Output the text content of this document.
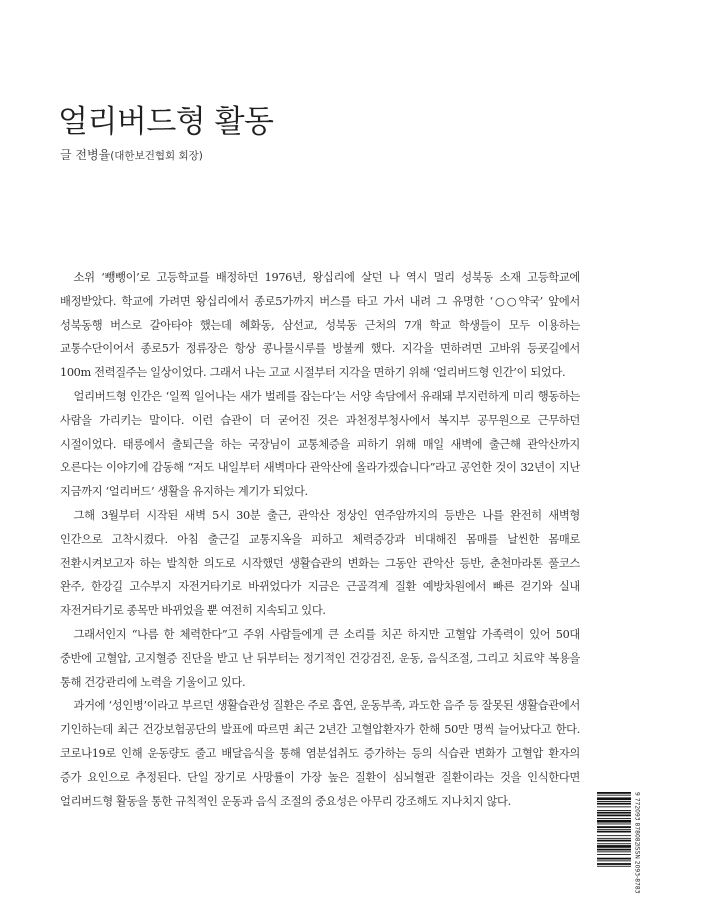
얼리버드형 활동
글 전병율(대한보건협회 회장)

소위 ‘뺑뺑이’로 고등학교를 배정하던 1976년, 왕십리에 살던 나 역시 멀리 성북동 소재 고등학교에 배정받았다. 학교에 가려면 왕십리에서 종로5가까지 버스를 타고 가서 내려 그 유명한 ‘○○약국’ 앞에서 성북동행 버스로 갈아타야 했는데 혜화동, 삼선교, 성북동 근처의 7개 학교 학생들이 모두 이용하는 교통수단이어서 종로5가 정류장은 항상 콩나물시루를 방불케 했다. 지각을 면하려면 고바위 등굣길에서 100m 전력질주는 일상이었다. 그래서 나는 고교 시절부터 지각을 면하기 위해 ‘얼리버드형 인간’이 되었다.

얼리버드형 인간은 ‘일찍 일어나는 새가 벌레를 잡는다’는 서양 속담에서 유래돼 부지런하게 미리 행동하는 사람을 가리키는 말이다. 이런 습관이 더 굳어진 것은 과천정부청사에서 복지부 공무원으로 근무하던 시절이었다. 태릉에서 출퇴근을 하는 국장님이 교통체증을 피하기 위해 매일 새벽에 출근해 관악산까지 오른다는 이야기에 감동해 “저도 내일부터 새벽마다 관악산에 올라가겠습니다”라고 공언한 것이 32년이 지난 지금까지 ‘얼리버드’ 생활을 유지하는 계기가 되었다.

그해 3월부터 시작된 새벽 5시 30분 출근, 관악산 정상인 연주암까지의 등반은 나를 완전히 새벽형 인간으로 고착시켰다. 아침 출근길 교통지옥을 피하고 체력증강과 비대해진 몸매를 날씬한 몸매로 전환시켜보고자 하는 발칙한 의도로 시작했던 생활습관의 변화는 그동안 관악산 등반, 춘천마라톤 풀코스 완주, 한강길 고수부지 자전거타기로 바뀌었다가 지금은 근골격계 질환 예방차원에서 빠른 걷기와 실내 자전거타기로 종목만 바뀌었을 뿐 여전히 지속되고 있다.

그래서인지 “나름 한 체력한다”고 주위 사람들에게 큰 소리를 치곤 하지만 고혈압 가족력이 있어 50대 중반에 고혈압, 고지혈증 진단을 받고 난 뒤부터는 정기적인 건강검진, 운동, 음식조절, 그리고 치료약 복용을 통해 건강관리에 노력을 기울이고 있다.

과거에 ‘성인병’이라고 부르던 생활습관성 질환은 주로 흡연, 운동부족, 과도한 음주 등 잘못된 생활습관에서 기인하는데 최근 건강보험공단의 발표에 따르면 최근 2년간 고혈압환자가 한해 50만 명씩 늘어났다고 한다. 코로나19로 인해 운동량도 줄고 배달음식을 통해 염분섭취도 증가하는 등의 식습관 변화가 고혈압 환자의 증가 요인으로 추정된다. 단일 장기로 사망률이 가장 높은 질환이 심뇌혈관 질환이라는 것을 인식한다면 얼리버드형 활동을 통한 규칙적인 운동과 음식 조절의 중요성은 아무리 강조해도 지나치지 않다.	9 772093 878082
ISSN 2093-8783
